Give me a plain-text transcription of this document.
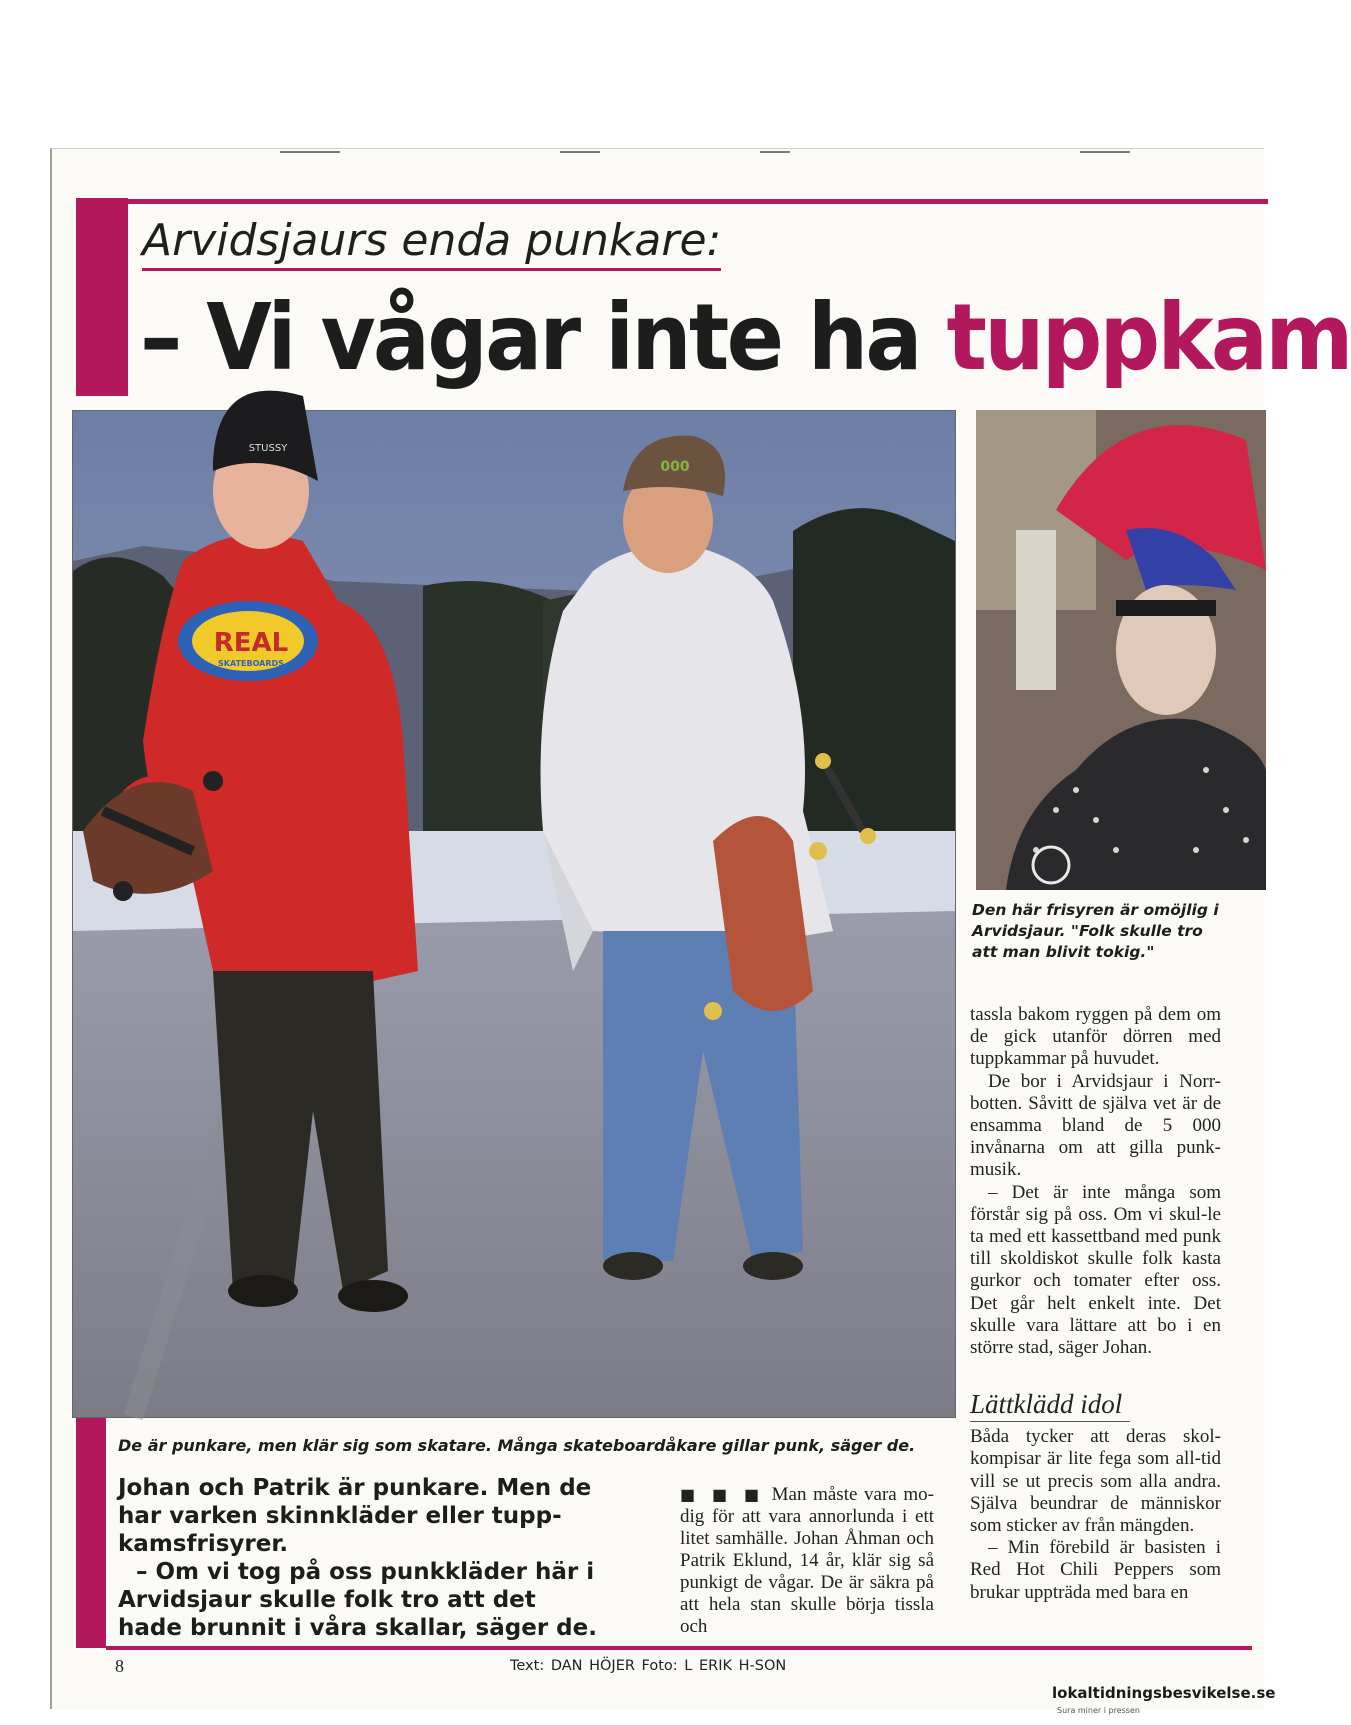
Arvidsjaurs enda punkare:
– Vi vågar inte ha tuppkam
REAL
SKATEBOARDS
STUSSY
000
Den här frisyren är omöjlig i Arvidsjaur. "Folk skulle tro att man blivit tokig."
De är punkare, men klär sig som skatare. Många skateboardåkare gillar punk, säger de.

Johan och Patrik är punkare. Men de har varken skinnkläder eller tupp-kamsfrisyrer.

– Om vi tog på oss punkkläder här i Arvidsjaur skulle folk tro att det hade brunnit i våra skallar, säger de.

■ ■ ■ Man måste vara mo-dig för att vara annorlunda i ett litet samhälle. Johan Åhman och Patrik Eklund, 14 år, klär sig så punkigt de vågar. De är säkra på att hela stan skulle börja tissla och

tassla bakom ryggen på dem om de gick utanför dörren med tuppkammar på huvudet.

De bor i Arvidsjaur i Norr-botten. Såvitt de själva vet är de ensamma bland de 5 000 invånarna om att gilla punk-musik.

– Det är inte många som förstår sig på oss. Om vi skul-le ta med ett kassettband med punk till skoldiskot skulle folk kasta gurkor och tomater efter oss. Det går helt enkelt inte. Det skulle vara lättare att bo i en större stad, säger Johan.

Lättklädd idol

Båda tycker att deras skol-kompisar är lite fega som all-tid vill se ut precis som alla andra. Själva beundrar de människor som sticker av från mängden.

– Min förebild är basisten i Red Hot Chili Peppers som brukar uppträda med bara en

8	Text: DAN HÖJER Foto: L ERIK H-SON
lokaltidningsbesvikelse.se
Sura miner i pressen
